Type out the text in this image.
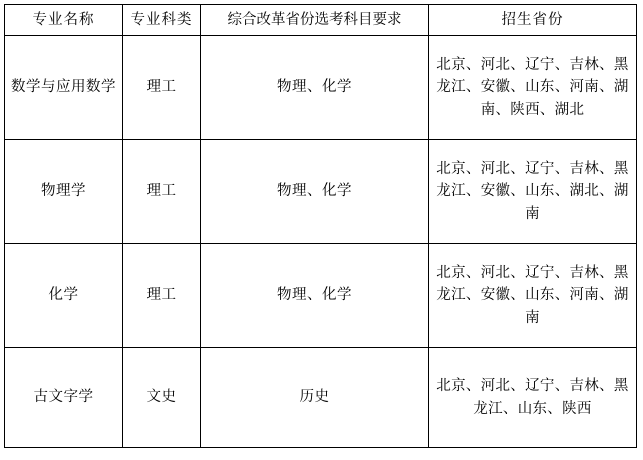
专业名称	专业科类	综合改革省份选考科目要求	招生省份
数学与应用数学	理工	物理、化学	北京、河北、辽宁、吉林、黑龙江、安徽、山东、河南、湖南、陕西、湖北
物理学	理工	物理、化学	北京、河北、辽宁、吉林、黑龙江、安徽、山东、湖北、湖南
化学	理工	物理、化学	北京、河北、辽宁、吉林、黑龙江、安徽、山东、河南、湖南
古文字学	文史	历史	北京、河北、辽宁、吉林、黑龙江、山东、陕西
